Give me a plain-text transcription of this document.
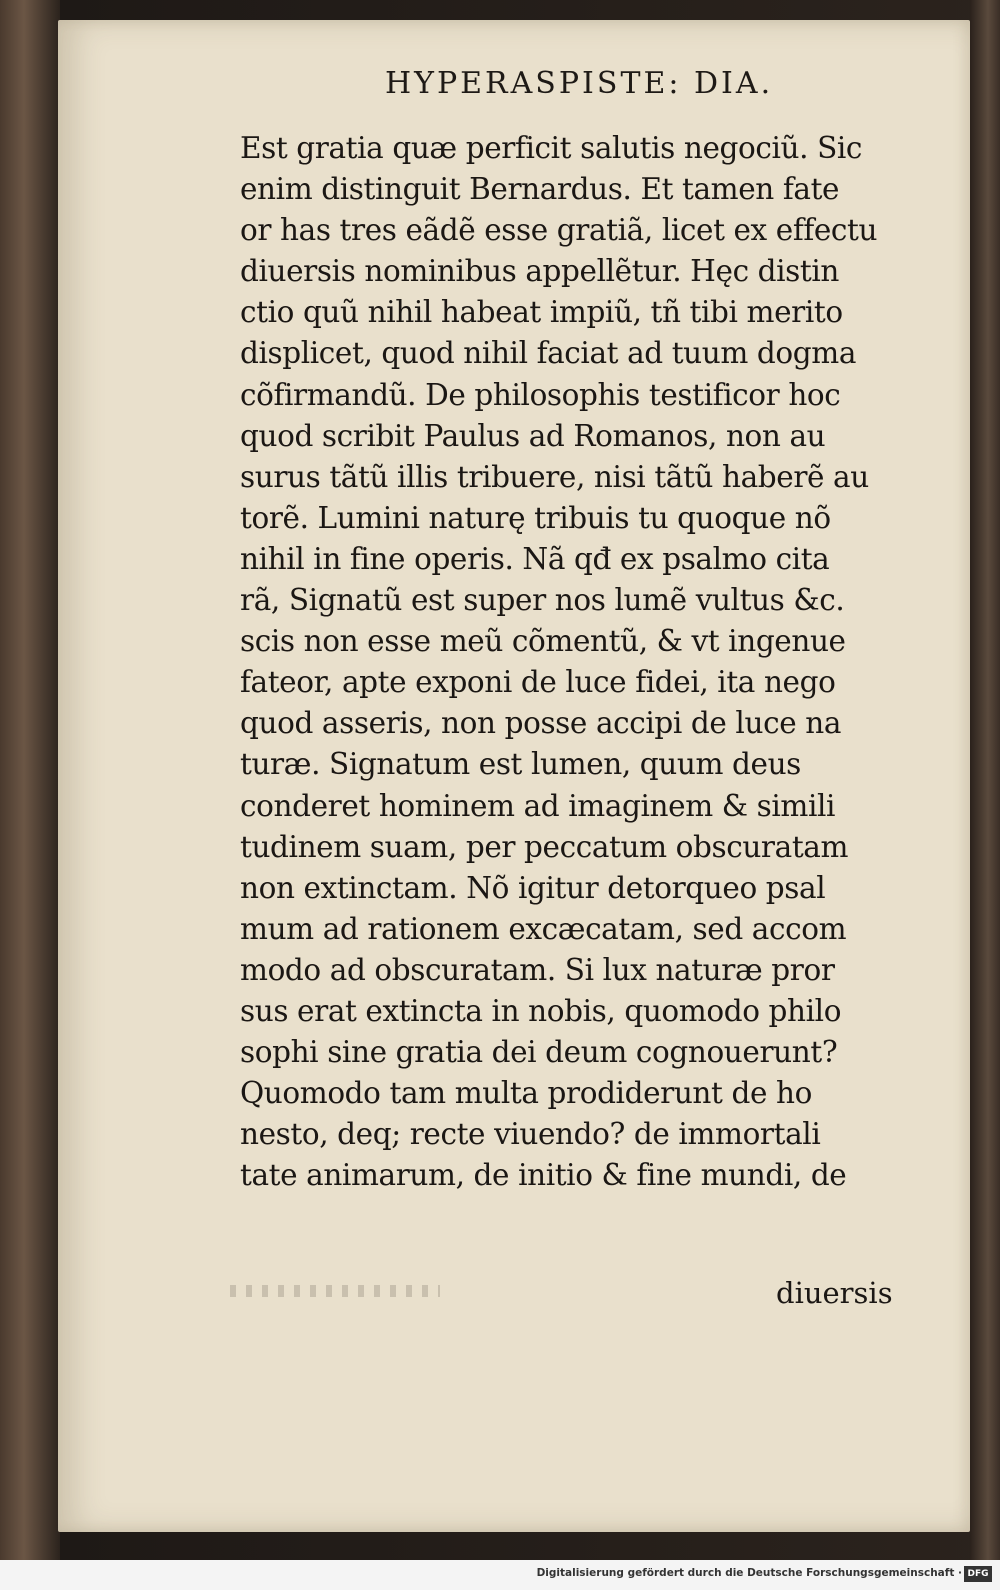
HYPERASPISTE: DIA.
Est gratia quæ perficit salutis negociũ. Sic
enim distinguit Bernardus. Et tamen fate
or has tres eãdẽ esse gratiã, licet ex effectu
diuersis nominibus appellẽtur. Hęc distin
ctio quũ nihil habeat impiũ, tñ tibi merito
displicet, quod nihil faciat ad tuum dogma
cõfirmandũ. De philosophis testificor hoc
quod scribit Paulus ad Romanos, non au
surus tãtũ illis tribuere, nisi tãtũ haberẽ au
torẽ. Lumini naturę tribuis tu quoque nõ
nihil in fine operis. Nã qđ ex psalmo cita
rã, Signatũ est super nos lumẽ vultus &c.
scis non esse meũ cõmentũ, & vt ingenue
fateor, apte exponi de luce fidei, ita nego
quod asseris, non posse accipi de luce na
turæ. Signatum est lumen, quum deus
conderet hominem ad imaginem & simili
tudinem suam, per peccatum obscuratam
non extinctam. Nõ igitur detorqueo psal
mum ad rationem excæcatam, sed accom
modo ad obscuratam. Si lux naturæ pror
sus erat extincta in nobis, quomodo philo
sophi sine gratia dei deum cognouerunt?
Quomodo tam multa prodiderunt de ho
nesto, deq; recte viuendo? de immortali
tate animarum, de initio & fine mundi, de
diuersis
Digitalisierung gefördert durch die Deutsche Forschungsgemeinschaft · DFG
